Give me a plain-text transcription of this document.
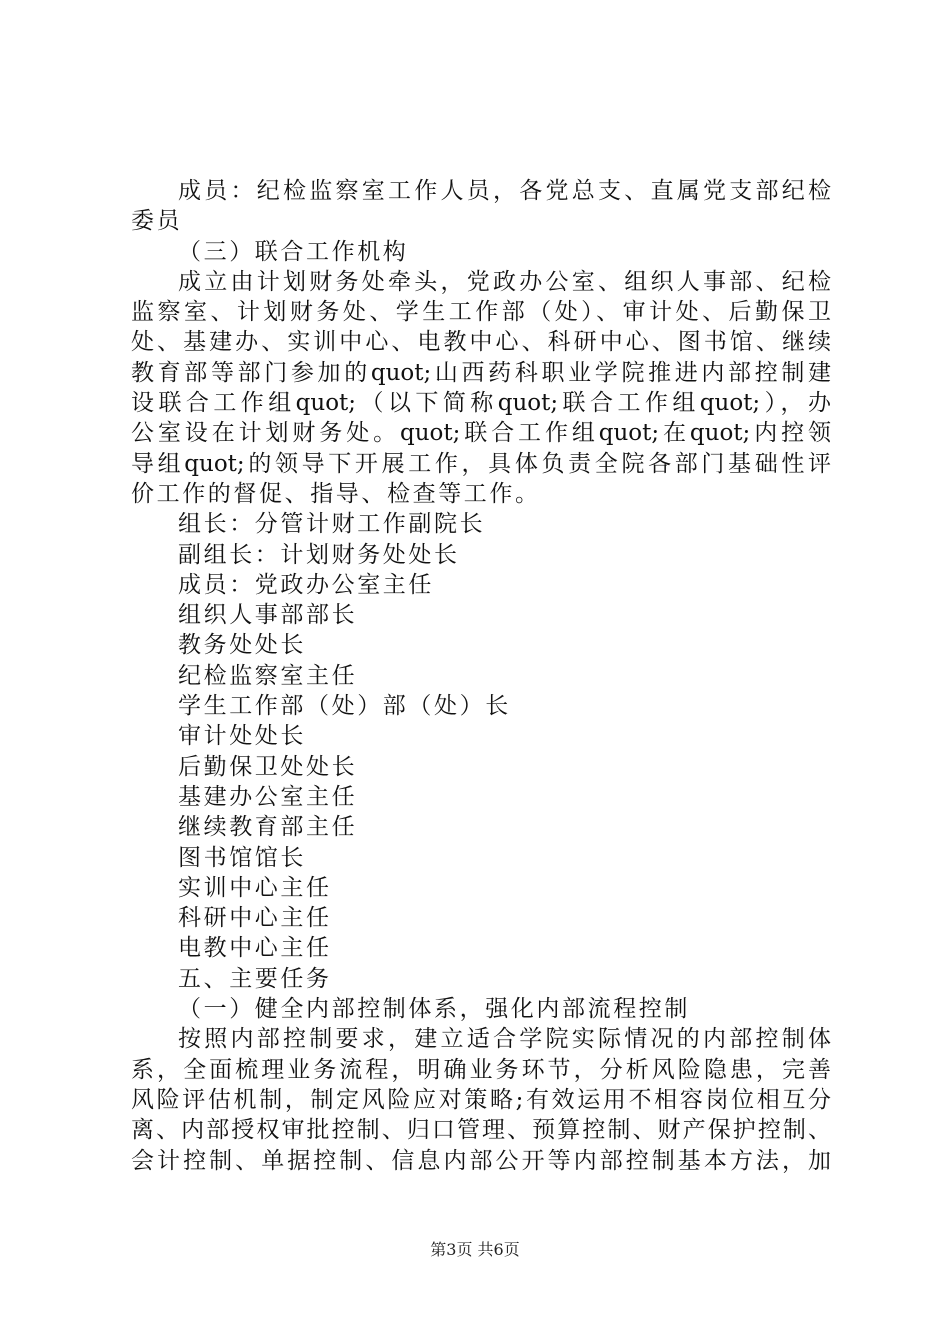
成员：纪检监察室工作人员，各党总支、直属党支部纪检
委员
（三）联合工作机构
成立由计划财务处牵头，党政办公室、组织人事部、纪检
监察室、计划财务处、学生工作部（处）、审计处、后勤保卫
处、基建办、实训中心、电教中心、科研中心、图书馆、继续
教育部等部门参加的quot;山西药科职业学院推进内部控制建
设联合工作组quot;（以下简称quot;联合工作组quot;），办
公室设在计划财务处。quot;联合工作组quot;在quot;内控领
导组quot;的领导下开展工作，具体负责全院各部门基础性评
价工作的督促、指导、检查等工作。
组长：分管计财工作副院长
副组长：计划财务处处长
成员：党政办公室主任
组织人事部部长
教务处处长
纪检监察室主任
学生工作部（处）部（处）长
审计处处长
后勤保卫处处长
基建办公室主任
继续教育部主任
图书馆馆长
实训中心主任
科研中心主任
电教中心主任
五、主要任务
（一）健全内部控制体系，强化内部流程控制
按照内部控制要求，建立适合学院实际情况的内部控制体
系，全面梳理业务流程，明确业务环节，分析风险隐患，完善
风险评估机制，制定风险应对策略;有效运用不相容岗位相互分
离、内部授权审批控制、归口管理、预算控制、财产保护控制、
会计控制、单据控制、信息内部公开等内部控制基本方法，加
第3页 共6页
